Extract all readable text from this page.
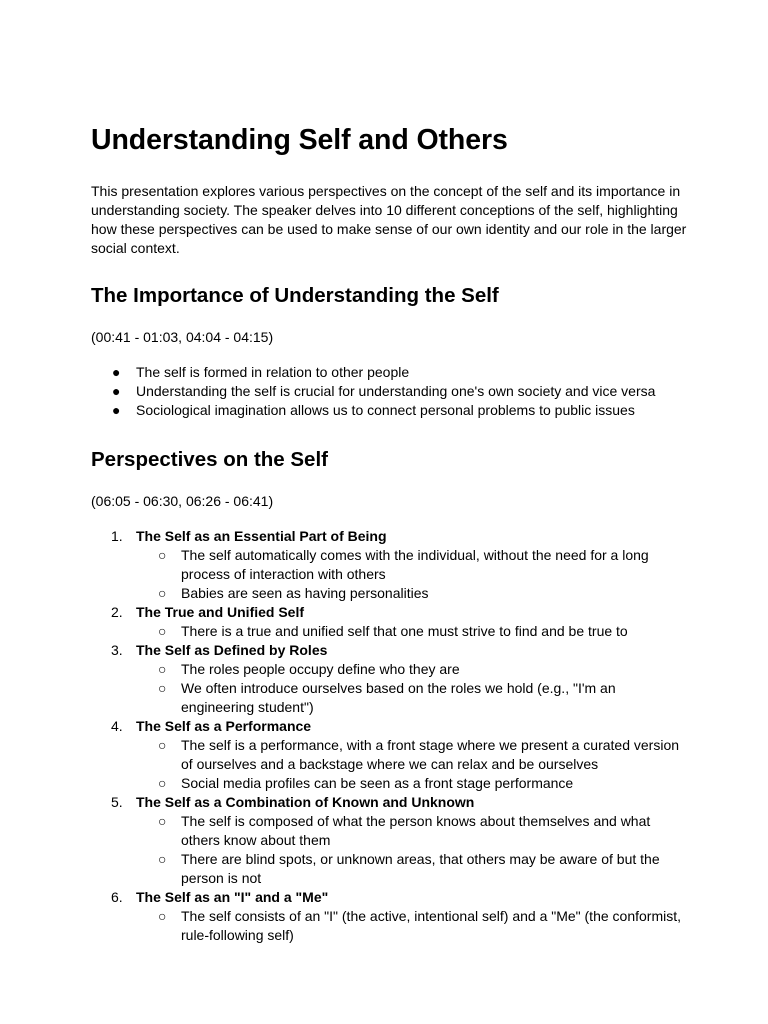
Understanding Self and Others

This presentation explores various perspectives on the concept of the self and its importance in understanding society. The speaker delves into 10 different conceptions of the self, highlighting how these perspectives can be used to make sense of our own identity and our role in the larger social context.

The Importance of Understanding the Self

(00:41 - 01:03, 04:04 - 04:15)

● The self is formed in relation to other people
● Understanding the self is crucial for understanding one's own society and vice versa
● Sociological imagination allows us to connect personal problems to public issues
Perspectives on the Self

(06:05 - 06:30, 06:26 - 06:41)

1. The Self as an Essential Part of Being
○ The self automatically comes with the individual, without the need for a long process of interaction with others
○ Babies are seen as having personalities
2. The True and Unified Self
○ There is a true and unified self that one must strive to find and be true to
3. The Self as Defined by Roles
○ The roles people occupy define who they are
○ We often introduce ourselves based on the roles we hold (e.g., "I'm an engineering student")
4. The Self as a Performance
○ The self is a performance, with a front stage where we present a curated version of ourselves and a backstage where we can relax and be ourselves
○ Social media profiles can be seen as a front stage performance
5. The Self as a Combination of Known and Unknown
○ The self is composed of what the person knows about themselves and what others know about them
○ There are blind spots, or unknown areas, that others may be aware of but the person is not
6. The Self as an "I" and a "Me"
○ The self consists of an "I" (the active, intentional self) and a "Me" (the conformist, rule-following self)
